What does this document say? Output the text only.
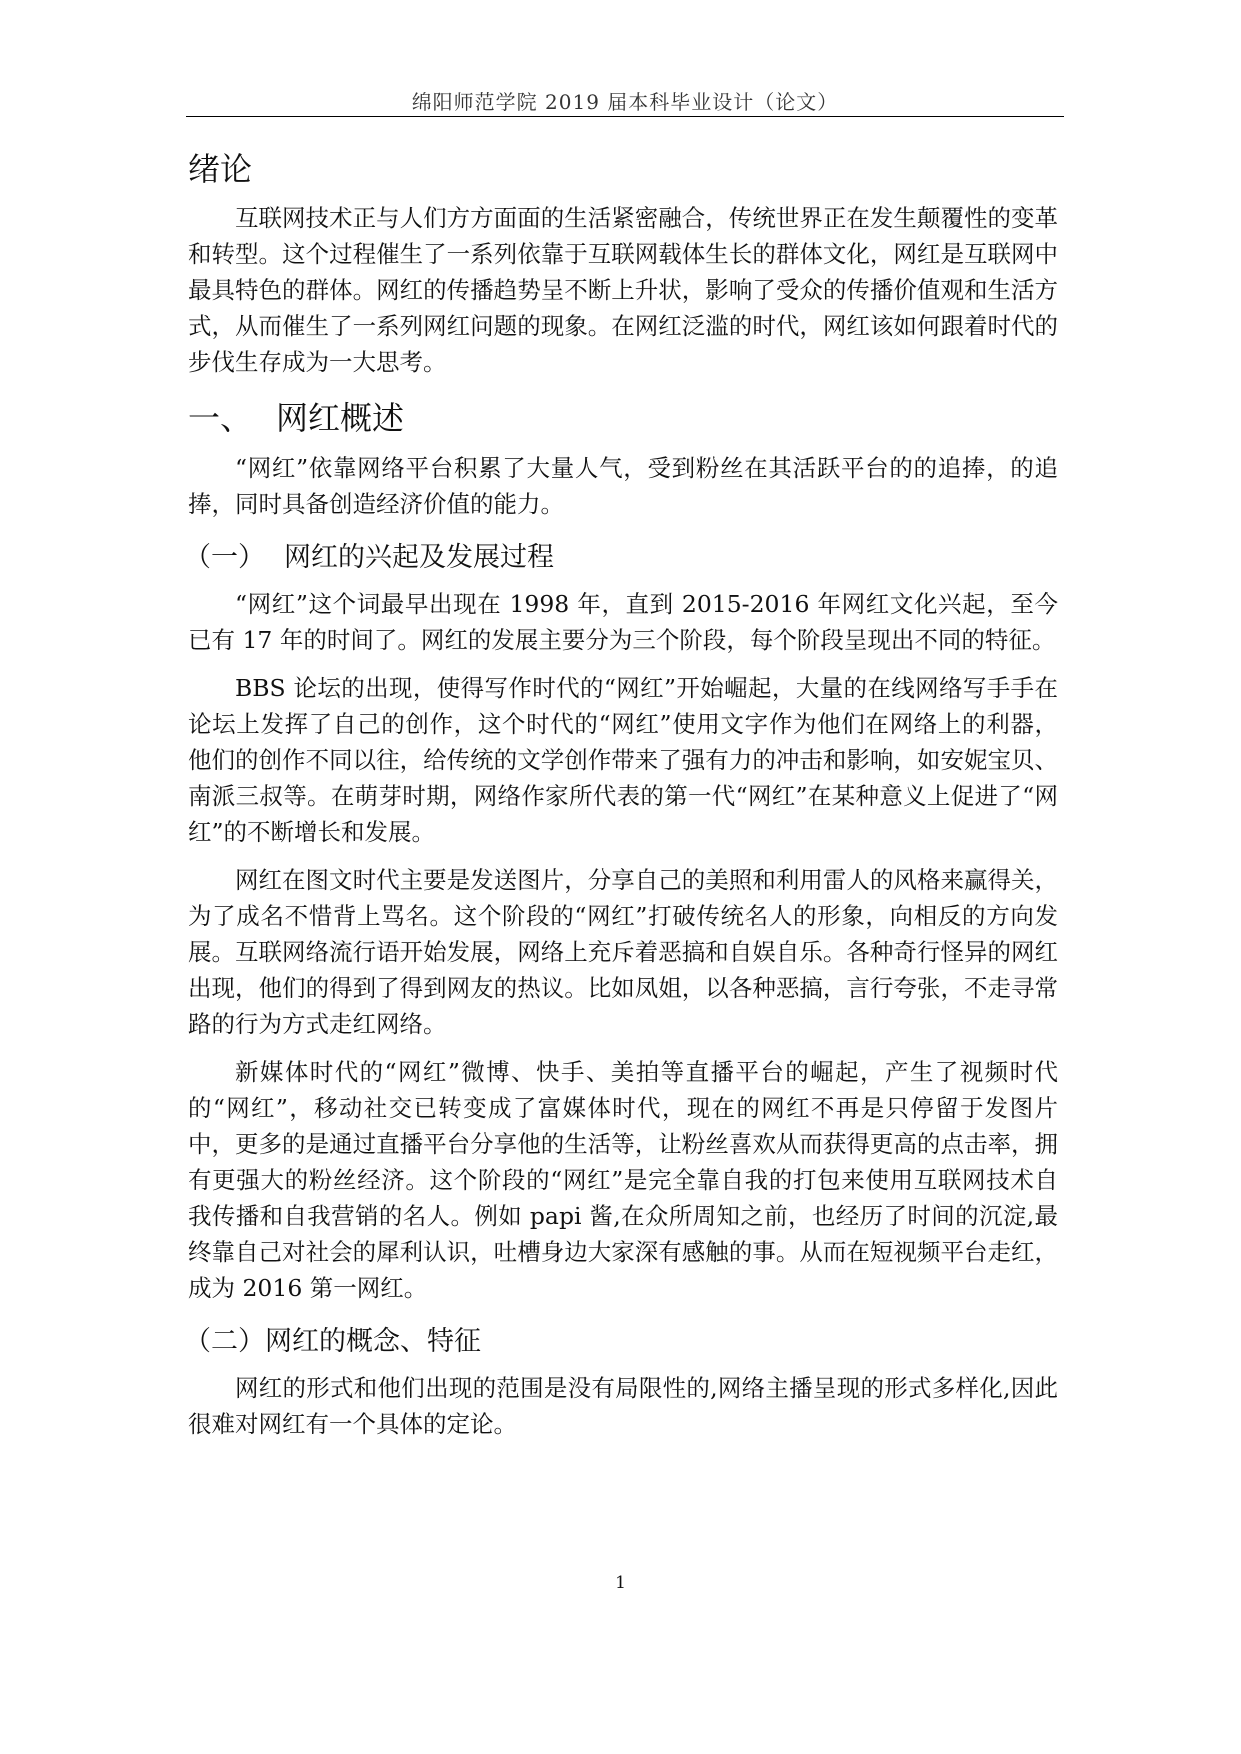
绵阳师范学院 2019 届本科毕业设计（论文）
绪论

互联网技术正与人们方方面面的生活紧密融合，传统世界正在发生颠覆性的变革和转型。这个过程催生了一系列依靠于互联网载体生长的群体文化，网红是互联网中最具特色的群体。网红的传播趋势呈不断上升状，影响了受众的传播价值观和生活方式，从而催生了一系列网红问题的现象。在网红泛滥的时代，网红该如何跟着时代的步伐生存成为一大思考。

一、 网红概述

“网红”依靠网络平台积累了大量人气，受到粉丝在其活跃平台的的追捧，的追捧，同时具备创造经济价值的能力。

（一） 网红的兴起及发展过程

“网红”这个词最早出现在 1998 年，直到 2015-2016 年网红文化兴起，至今已有 17 年的时间了。网红的发展主要分为三个阶段，每个阶段呈现出不同的特征。

BBS 论坛的出现，使得写作时代的“网红”开始崛起，大量的在线网络写手手在论坛上发挥了自己的创作，这个时代的“网红”使用文字作为他们在网络上的利器，他们的创作不同以往，给传统的文学创作带来了强有力的冲击和影响，如安妮宝贝、南派三叔等。在萌芽时期，网络作家所代表的第一代“网红”在某种意义上促进了“网红”的不断增长和发展。

网红在图文时代主要是发送图片，分享自己的美照和利用雷人的风格来赢得关，为了成名不惜背上骂名。这个阶段的“网红”打破传统名人的形象，向相反的方向发展。互联网络流行语开始发展，网络上充斥着恶搞和自娱自乐。各种奇行怪异的网红出现，他们的得到了得到网友的热议。比如凤姐，以各种恶搞，言行夸张，不走寻常路的行为方式走红网络。

新媒体时代的“网红”微博、快手、美拍等直播平台的崛起，产生了视频时代的“网红”，移动社交已转变成了富媒体时代，现在的网红不再是只停留于发图片中，更多的是通过直播平台分享他的生活等，让粉丝喜欢从而获得更高的点击率，拥有更强大的粉丝经济。这个阶段的“网红”是完全靠自我的打包来使用互联网技术自我传播和自我营销的名人。例如 papi 酱,在众所周知之前，也经历了时间的沉淀,最终靠自己对社会的犀利认识，吐槽身边大家深有感触的事。从而在短视频平台走红，成为 2016 第一网红。

（二） 网红的概念、特征

网红的形式和他们出现的范围是没有局限性的,网络主播呈现的形式多样化,因此很难对网红有一个具体的定论。

1
